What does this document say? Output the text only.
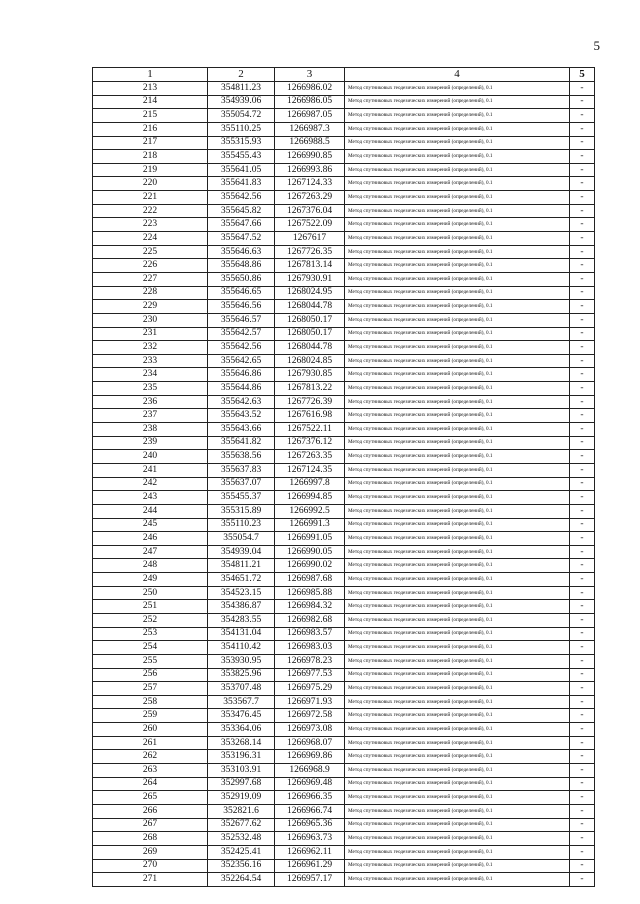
5
1	2	3	4	5
213	354811.23	1266986.02	Метод спутниковых геодезических измерений (определений), 0.1	-
214	354939.06	1266986.05	Метод спутниковых геодезических измерений (определений), 0.1	-
215	355054.72	1266987.05	Метод спутниковых геодезических измерений (определений), 0.1	-
216	355110.25	1266987.3	Метод спутниковых геодезических измерений (определений), 0.1	-
217	355315.93	1266988.5	Метод спутниковых геодезических измерений (определений), 0.1	-
218	355455.43	1266990.85	Метод спутниковых геодезических измерений (определений), 0.1	-
219	355641.05	1266993.86	Метод спутниковых геодезических измерений (определений), 0.1	-
220	355641.83	1267124.33	Метод спутниковых геодезических измерений (определений), 0.1	-
221	355642.56	1267263.29	Метод спутниковых геодезических измерений (определений), 0.1	-
222	355645.82	1267376.04	Метод спутниковых геодезических измерений (определений), 0.1	-
223	355647.66	1267522.09	Метод спутниковых геодезических измерений (определений), 0.1	-
224	355647.52	1267617	Метод спутниковых геодезических измерений (определений), 0.1	-
225	355646.63	1267726.35	Метод спутниковых геодезических измерений (определений), 0.1	-
226	355648.86	1267813.14	Метод спутниковых геодезических измерений (определений), 0.1	-
227	355650.86	1267930.91	Метод спутниковых геодезических измерений (определений), 0.1	-
228	355646.65	1268024.95	Метод спутниковых геодезических измерений (определений), 0.1	-
229	355646.56	1268044.78	Метод спутниковых геодезических измерений (определений), 0.1	-
230	355646.57	1268050.17	Метод спутниковых геодезических измерений (определений), 0.1	-
231	355642.57	1268050.17	Метод спутниковых геодезических измерений (определений), 0.1	-
232	355642.56	1268044.78	Метод спутниковых геодезических измерений (определений), 0.1	-
233	355642.65	1268024.85	Метод спутниковых геодезических измерений (определений), 0.1	-
234	355646.86	1267930.85	Метод спутниковых геодезических измерений (определений), 0.1	-
235	355644.86	1267813.22	Метод спутниковых геодезических измерений (определений), 0.1	-
236	355642.63	1267726.39	Метод спутниковых геодезических измерений (определений), 0.1	-
237	355643.52	1267616.98	Метод спутниковых геодезических измерений (определений), 0.1	-
238	355643.66	1267522.11	Метод спутниковых геодезических измерений (определений), 0.1	-
239	355641.82	1267376.12	Метод спутниковых геодезических измерений (определений), 0.1	-
240	355638.56	1267263.35	Метод спутниковых геодезических измерений (определений), 0.1	-
241	355637.83	1267124.35	Метод спутниковых геодезических измерений (определений), 0.1	-
242	355637.07	1266997.8	Метод спутниковых геодезических измерений (определений), 0.1	-
243	355455.37	1266994.85	Метод спутниковых геодезических измерений (определений), 0.1	-
244	355315.89	1266992.5	Метод спутниковых геодезических измерений (определений), 0.1	-
245	355110.23	1266991.3	Метод спутниковых геодезических измерений (определений), 0.1	-
246	355054.7	1266991.05	Метод спутниковых геодезических измерений (определений), 0.1	-
247	354939.04	1266990.05	Метод спутниковых геодезических измерений (определений), 0.1	-
248	354811.21	1266990.02	Метод спутниковых геодезических измерений (определений), 0.1	-
249	354651.72	1266987.68	Метод спутниковых геодезических измерений (определений), 0.1	-
250	354523.15	1266985.88	Метод спутниковых геодезических измерений (определений), 0.1	-
251	354386.87	1266984.32	Метод спутниковых геодезических измерений (определений), 0.1	-
252	354283.55	1266982.68	Метод спутниковых геодезических измерений (определений), 0.1	-
253	354131.04	1266983.57	Метод спутниковых геодезических измерений (определений), 0.1	-
254	354110.42	1266983.03	Метод спутниковых геодезических измерений (определений), 0.1	-
255	353930.95	1266978.23	Метод спутниковых геодезических измерений (определений), 0.1	-
256	353825.96	1266977.53	Метод спутниковых геодезических измерений (определений), 0.1	-
257	353707.48	1266975.29	Метод спутниковых геодезических измерений (определений), 0.1	-
258	353567.7	1266971.93	Метод спутниковых геодезических измерений (определений), 0.1	-
259	353476.45	1266972.58	Метод спутниковых геодезических измерений (определений), 0.1	-
260	353364.06	1266973.08	Метод спутниковых геодезических измерений (определений), 0.1	-
261	353268.14	1266968.07	Метод спутниковых геодезических измерений (определений), 0.1	-
262	353196.31	1266969.86	Метод спутниковых геодезических измерений (определений), 0.1	-
263	353103.91	1266968.9	Метод спутниковых геодезических измерений (определений), 0.1	-
264	352997.68	1266969.48	Метод спутниковых геодезических измерений (определений), 0.1	-
265	352919.09	1266966.35	Метод спутниковых геодезических измерений (определений), 0.1	-
266	352821.6	1266966.74	Метод спутниковых геодезических измерений (определений), 0.1	-
267	352677.62	1266965.36	Метод спутниковых геодезических измерений (определений), 0.1	-
268	352532.48	1266963.73	Метод спутниковых геодезических измерений (определений), 0.1	-
269	352425.41	1266962.11	Метод спутниковых геодезических измерений (определений), 0.1	-
270	352356.16	1266961.29	Метод спутниковых геодезических измерений (определений), 0.1	-
271	352264.54	1266957.17	Метод спутниковых геодезических измерений (определений), 0.1	-
